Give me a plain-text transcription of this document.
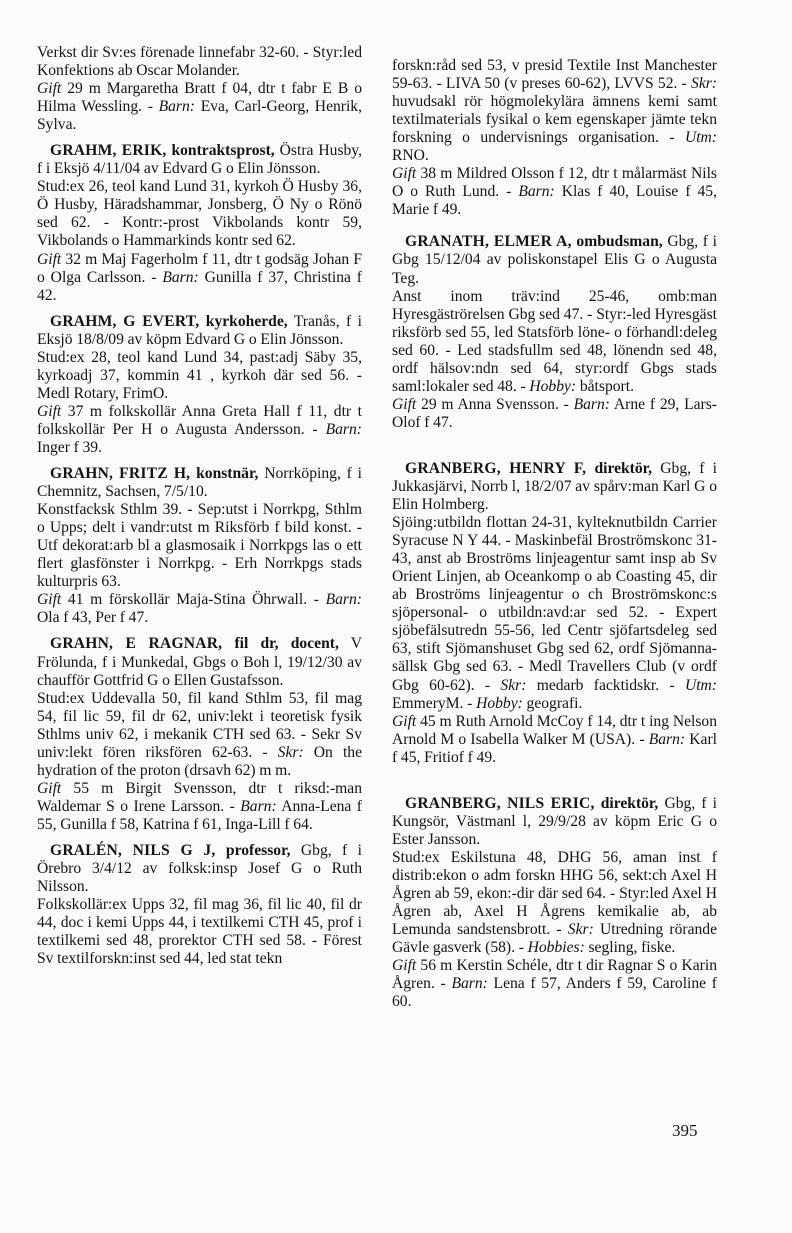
Verkst dir Sv:es förenade linnefabr 32-60. - Styr:led Konfektions ab Oscar Molander.
Gift 29 m Margaretha Bratt f 04, dtr t fabr E B o Hilma Wessling. - Barn: Eva, Carl-Georg, Henrik, Sylva.

GRAHM, ERIK, kontraktsprost, Östra Husby, f i Eksjö 4/11/04 av Edvard G o Elin Jönsson.

Stud:ex 26, teol kand Lund 31, kyrkoh Ö Husby 36, Ö Husby, Häradshammar, Jonsberg, Ö Ny o Rönö sed 62. - Kontr:-prost Vikbolands kontr 59, Vikbolands o Hammarkinds kontr sed 62.

Gift 32 m Maj Fagerholm f 11, dtr t godsäg Johan F o Olga Carlsson. - Barn: Gunilla f 37, Christina f 42.

GRAHM, G EVERT, kyrkoherde, Tranås, f i Eksjö 18/8/09 av köpm Edvard G o Elin Jönsson.

Stud:ex 28, teol kand Lund 34, past:adj Säby 35, kyrkoadj 37, kommin 41 , kyrkoh där sed 56. - Medl Rotary, FrimO.

Gift 37 m folkskollär Anna Greta Hall f 11, dtr t folkskollär Per H o Augusta Andersson. - Barn: Inger f 39.

GRAHN, FRITZ H, konstnär, Norrköping, f i Chemnitz, Sachsen, 7/5/10.

Konstfacksk Sthlm 39. - Sep:utst i Norrkpg, Sthlm o Upps; delt i vandr:utst m Riksförb f bild konst. - Utf dekorat:arb bl a glasmosaik i Norrkpgs las o ett flert glasfönster i Norrkpg. - Erh Norrkpgs stads kulturpris 63.

Gift 41 m förskollär Maja-Stina Öhrwall. - Barn: Ola f 43, Per f 47.

GRAHN, E RAGNAR, fil dr, docent, V Frölunda, f i Munkedal, Gbgs o Boh l, 19/12/30 av chaufför Gottfrid G o Ellen Gustafsson.

Stud:ex Uddevalla 50, fil kand Sthlm 53, fil mag 54, fil lic 59, fil dr 62, univ:lekt i teoretisk fysik Sthlms univ 62, i mekanik CTH sed 63. - Sekr Sv univ:lekt fören riksfören 62-63. - Skr: On the hydration of the proton (drsavh 62) m m.

Gift 55 m Birgit Svensson, dtr t riksd:-man Waldemar S o Irene Larsson. - Barn: Anna-Lena f 55, Gunilla f 58, Katrina f 61, Inga-Lill f 64.

GRALÉN, NILS G J, professor, Gbg, f i Örebro 3/4/12 av folksk:insp Josef G o Ruth Nilsson.

Folkskollär:ex Upps 32, fil mag 36, fil lic 40, fil dr 44, doc i kemi Upps 44, i textilkemi CTH 45, prof i textilkemi sed 48, prorektor CTH sed 58. - Förest Sv textilforskn:inst sed 44, led stat tekn

forskn:råd sed 53, v presid Textile Inst Manchester 59-63. - LIVA 50 (v preses 60-62), LVVS 52. - Skr: huvudsakl rör högmolekylära ämnens kemi samt textilmaterials fysikal o kem egenskaper jämte tekn forskning o undervisnings organisation. - Utm: RNO.
Gift 38 m Mildred Olsson f 12, dtr t målarmäst Nils O o Ruth Lund. - Barn: Klas f 40, Louise f 45, Marie f 49.

GRANATH, ELMER A, ombudsman, Gbg, f i Gbg 15/12/04 av poliskonstapel Elis G o Augusta Teg.

Anst inom träv:ind 25-46, omb:man Hyresgäströrelsen Gbg sed 47. - Styr:-led Hyresgäst riksförb sed 55, led Statsförb löne- o förhandl:deleg sed 60. - Led stadsfullm sed 48, lönendn sed 48, ordf hälsov:ndn sed 64, styr:ordf Gbgs stads saml:lokaler sed 48. - Hobby: båtsport.

Gift 29 m Anna Svensson. - Barn: Arne f 29, Lars-Olof f 47.

GRANBERG, HENRY F, direktör, Gbg, f i Jukkasjärvi, Norrb l, 18/2/07 av spårv:man Karl G o Elin Holmberg.

Sjöing:utbildn flottan 24-31, kylteknutbildn Carrier Syracuse N Y 44. - Maskinbefäl Broströmskonc 31-43, anst ab Broströms linjeagentur samt insp ab Sv Orient Linjen, ab Oceankomp o ab Coasting 45, dir ab Broströms linjeagentur o ch Broströmskonc:s sjöpersonal- o utbildn:avd:ar sed 52. - Expert sjöbefälsutredn 55-56, led Centr sjöfartsdeleg sed 63, stift Sjömanshuset Gbg sed 62, ordf Sjömanna-sällsk Gbg sed 63. - Medl Travellers Club (v ordf Gbg 60-62). - Skr: medarb facktidskr. - Utm: EmmeryM. - Hobby: geografi.

Gift 45 m Ruth Arnold McCoy f 14, dtr t ing Nelson Arnold M o Isabella Walker M (USA). - Barn: Karl f 45, Fritiof f 49.

GRANBERG, NILS ERIC, direktör, Gbg, f i Kungsör, Västmanl l, 29/9/28 av köpm Eric G o Ester Jansson.

Stud:ex Eskilstuna 48, DHG 56, aman inst f distrib:ekon o adm forskn HHG 56, sekt:ch Axel H Ågren ab 59, ekon:-dir där sed 64. - Styr:led Axel H Ågren ab, Axel H Ågrens kemikalie ab, ab Lemunda sandstensbrott. - Skr: Utredning rörande Gävle gasverk (58). - Hobbies: segling, fiske.

Gift 56 m Kerstin Schéle, dtr t dir Ragnar S o Karin Ågren. - Barn: Lena f 57, Anders f 59, Caroline f 60.

395
